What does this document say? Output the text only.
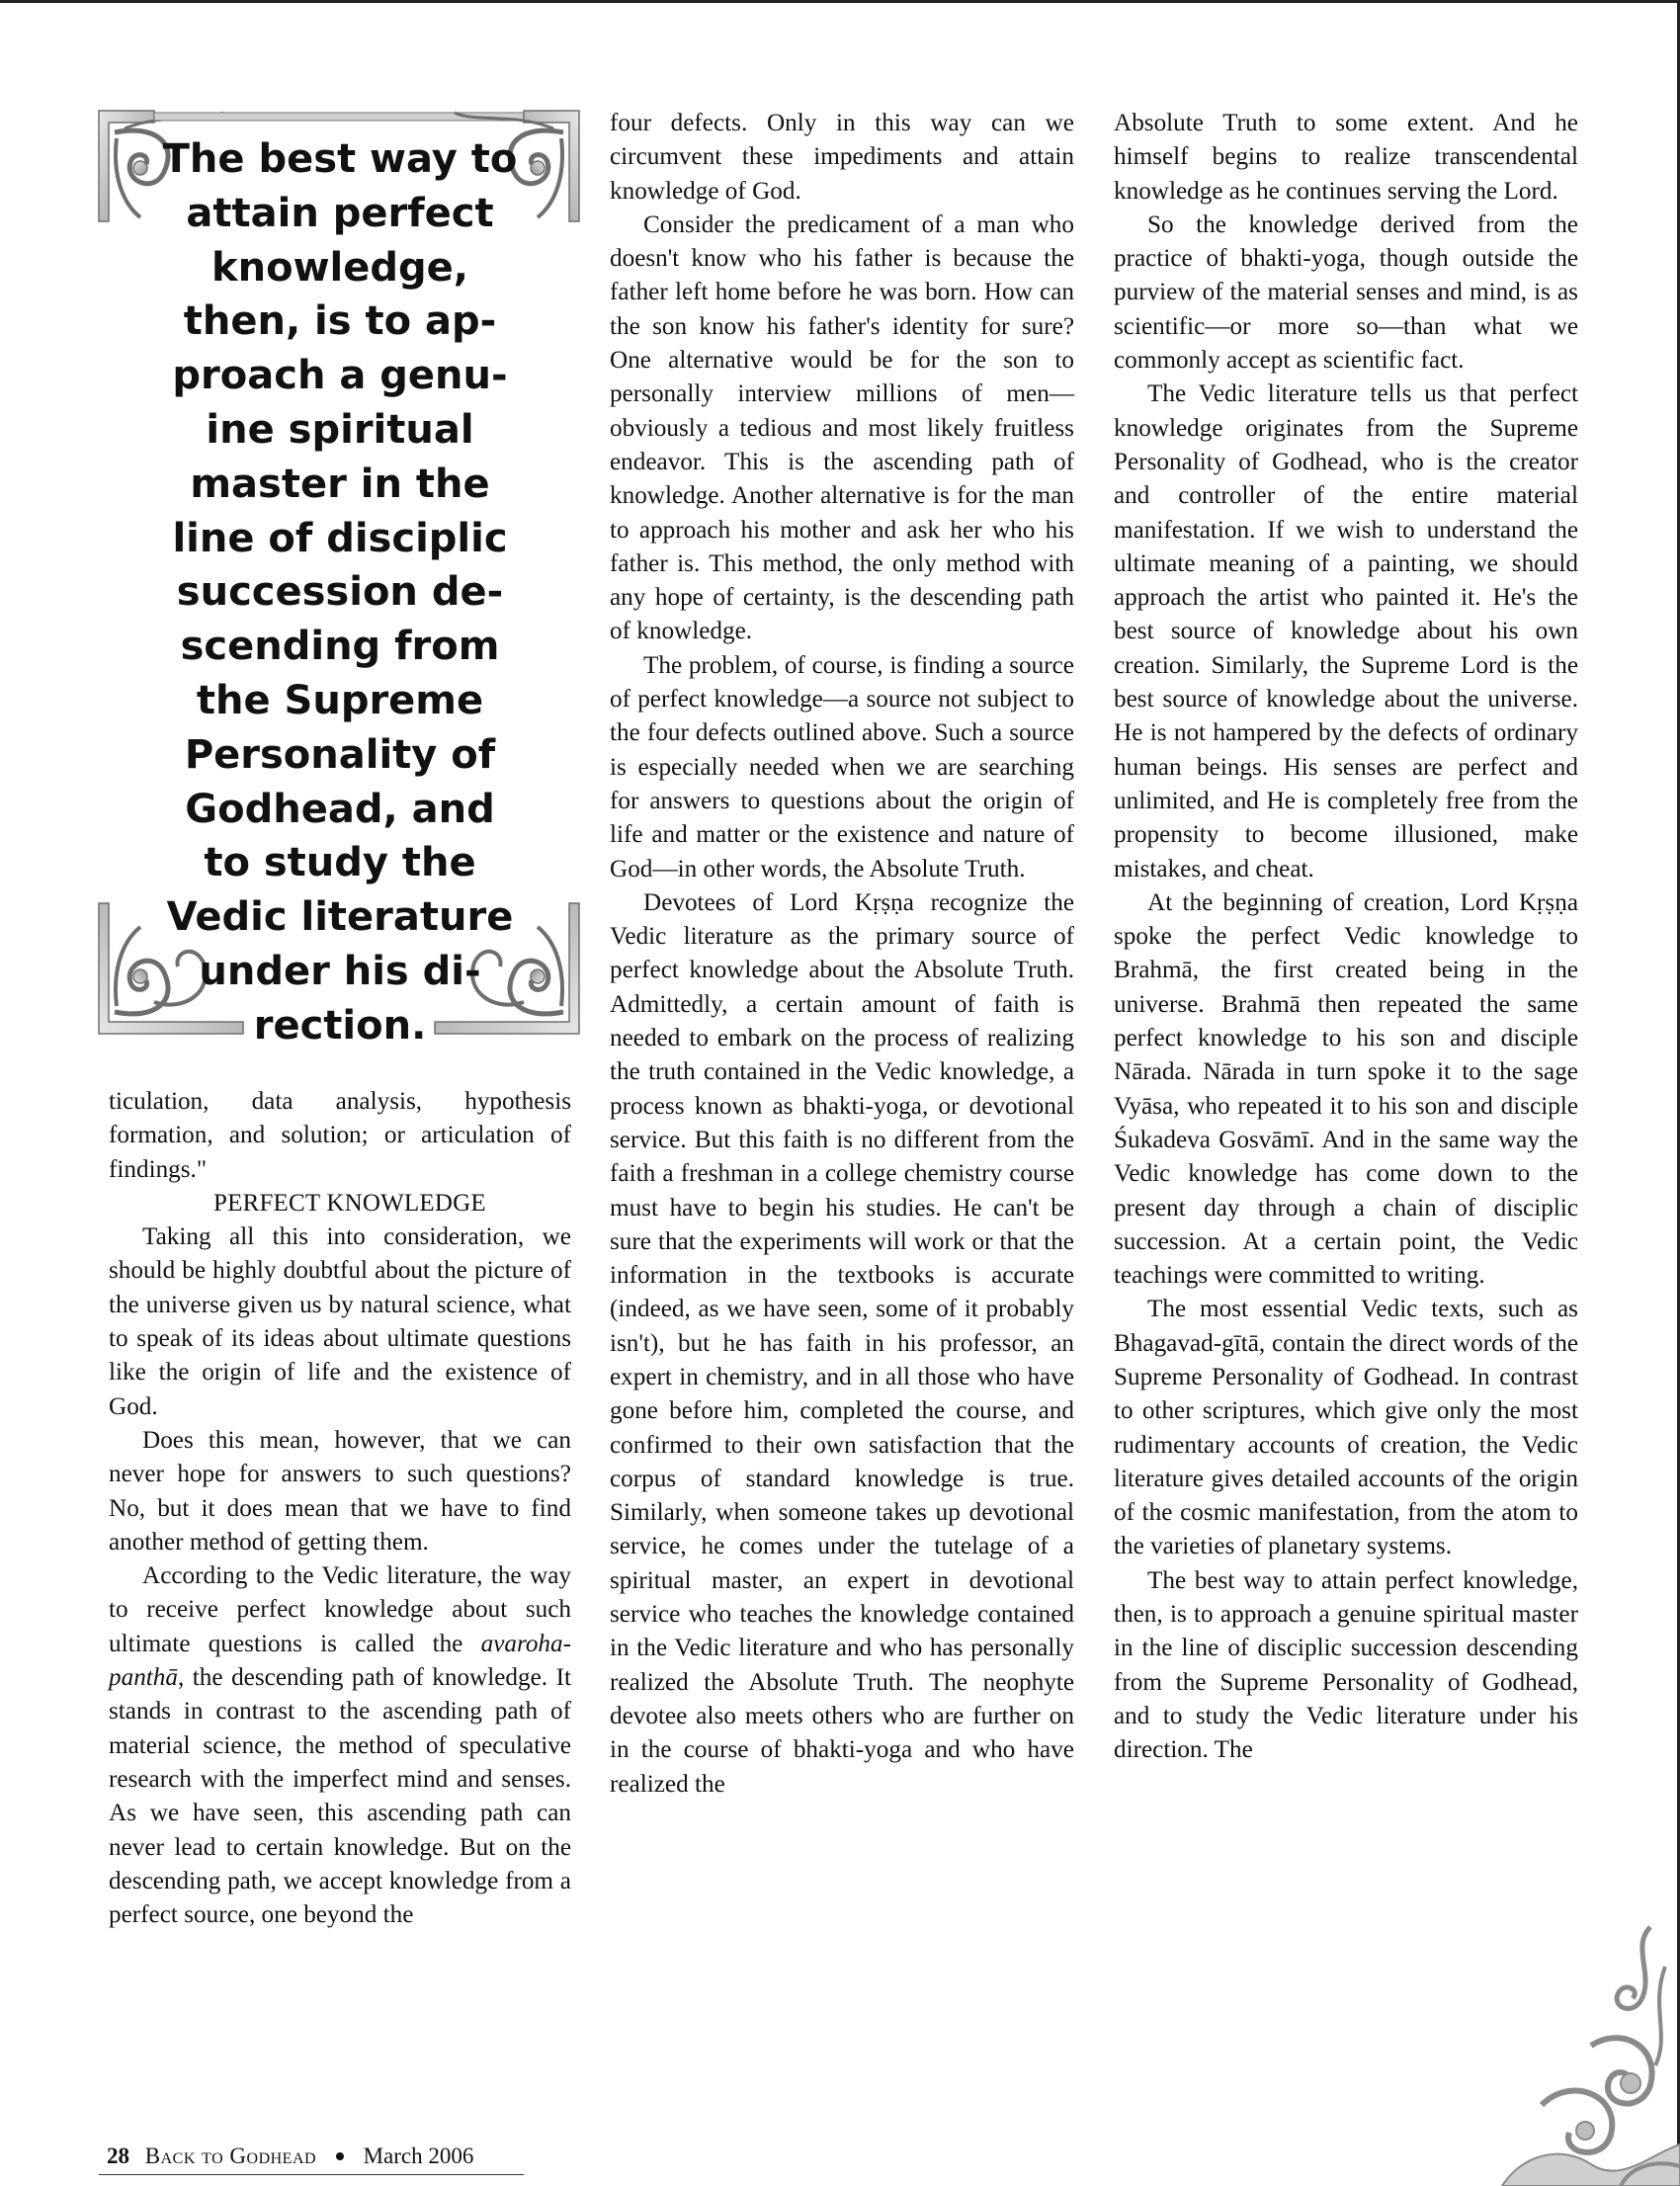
The best way to
attain perfect
knowledge,
then, is to ap-
proach a genu-
ine spiritual
master in the
line of disciplic
succession de-
scending from
the Supreme
Personality of
Godhead, and
to study the
Vedic literature
under his di-
rection.

ticulation, data analysis, hypothesis formation, and solution; or articulation of findings."

PERFECT KNOWLEDGE

Taking all this into consideration, we should be highly doubtful about the picture of the universe given us by natural science, what to speak of its ideas about ultimate questions like the origin of life and the existence of God.

Does this mean, however, that we can never hope for answers to such questions? No, but it does mean that we have to find another method of getting them.

According to the Vedic literature, the way to receive perfect knowledge about such ultimate questions is called the avaroha-panthā, the descending path of knowledge. It stands in contrast to the ascending path of material science, the method of speculative research with the imperfect mind and senses. As we have seen, this ascending path can never lead to certain knowledge. But on the descending path, we accept knowledge from a perfect source, one beyond the

four defects. Only in this way can we circumvent these impediments and attain knowledge of God.

Consider the predicament of a man who doesn't know who his father is because the father left home before he was born. How can the son know his father's identity for sure? One alternative would be for the son to personally interview millions of men—obviously a tedious and most likely fruitless endeavor. This is the ascending path of knowledge. Another alternative is for the man to approach his mother and ask her who his father is. This method, the only method with any hope of certainty, is the descending path of knowledge.

The problem, of course, is finding a source of perfect knowledge—a source not subject to the four defects outlined above. Such a source is especially needed when we are searching for answers to questions about the origin of life and matter or the existence and nature of God—in other words, the Absolute Truth.

Devotees of Lord Kṛṣṇa recognize the Vedic literature as the primary source of perfect knowledge about the Absolute Truth. Admittedly, a certain amount of faith is needed to embark on the process of realizing the truth contained in the Vedic knowledge, a process known as bhakti-yoga, or devotional service. But this faith is no different from the faith a freshman in a college chemistry course must have to begin his studies. He can't be sure that the experiments will work or that the information in the textbooks is accurate (indeed, as we have seen, some of it probably isn't), but he has faith in his professor, an expert in chemistry, and in all those who have gone before him, completed the course, and confirmed to their own satisfaction that the corpus of standard knowledge is true. Similarly, when someone takes up devotional service, he comes under the tutelage of a spiritual master, an expert in devotional service who teaches the knowledge contained in the Vedic literature and who has personally realized the Absolute Truth. The neophyte devotee also meets others who are further on in the course of bhakti-yoga and who have realized the

Absolute Truth to some extent. And he himself begins to realize transcendental knowledge as he continues serving the Lord.

So the knowledge derived from the practice of bhakti-yoga, though outside the purview of the material senses and mind, is as scientific—or more so—than what we commonly accept as scientific fact.

The Vedic literature tells us that perfect knowledge originates from the Supreme Personality of Godhead, who is the creator and controller of the entire material manifestation. If we wish to understand the ultimate meaning of a painting, we should approach the artist who painted it. He's the best source of knowledge about his own creation. Similarly, the Supreme Lord is the best source of knowledge about the universe. He is not hampered by the defects of ordinary human beings. His senses are perfect and unlimited, and He is completely free from the propensity to become illusioned, make mistakes, and cheat.

At the beginning of creation, Lord Kṛṣṇa spoke the perfect Vedic knowledge to Brahmā, the first created being in the universe. Brahmā then repeated the same perfect knowledge to his son and disciple Nārada. Nārada in turn spoke it to the sage Vyāsa, who repeated it to his son and disciple Śukadeva Gosvāmī. And in the same way the Vedic knowledge has come down to the present day through a chain of disciplic succession. At a certain point, the Vedic teachings were committed to writing.

The most essential Vedic texts, such as Bhagavad-gītā, contain the direct words of the Supreme Personality of Godhead. In contrast to other scriptures, which give only the most rudimentary accounts of creation, the Vedic literature gives detailed accounts of the origin of the cosmic manifestation, from the atom to the varieties of planetary systems.

The best way to attain perfect knowledge, then, is to approach a genuine spiritual master in the line of disciplic succession descending from the Supreme Personality of Godhead, and to study the Vedic literature under his direction. The

28 Back to Godhead March 2006
